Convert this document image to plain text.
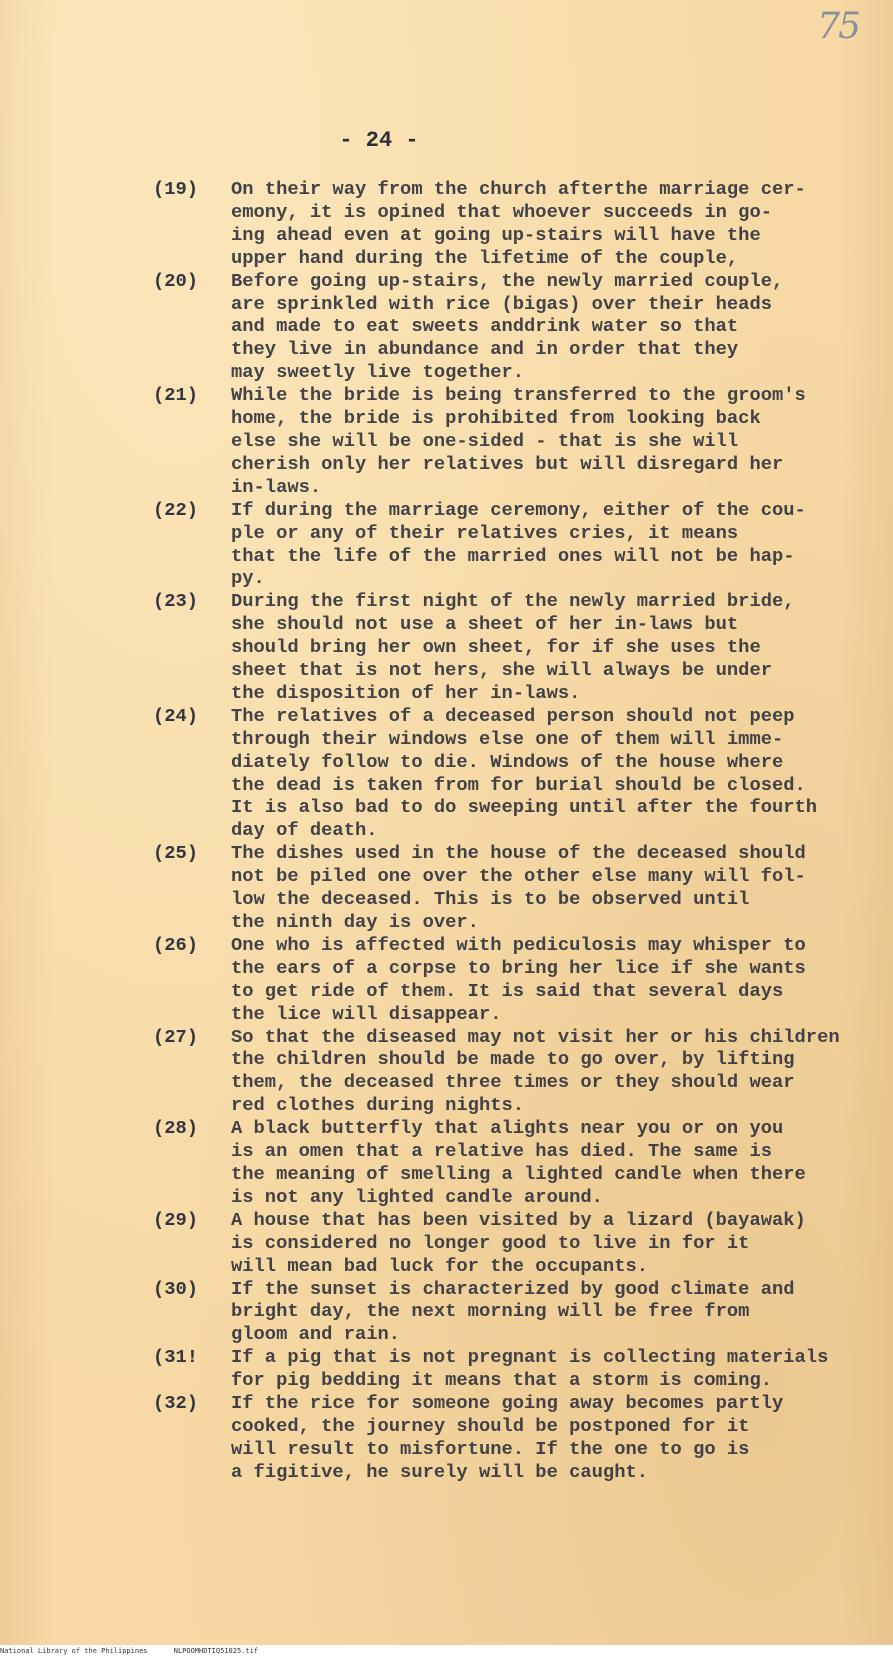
75
- 24 -
(19) On their way from the church afterthe marriage cer-
emony, it is opined that whoever succeeds in go-
ing ahead even at going up-stairs will have the
upper hand during the lifetime of the couple,
(20) Before going up-stairs, the newly married couple,
are sprinkled with rice (bigas) over their heads
and made to eat sweets anddrink water so that
they live in abundance and in order that they
may sweetly live together.
(21) While the bride is being transferred to the groom's
home, the bride is prohibited from looking back
else she will be one-sided - that is she will
cherish only her relatives but will disregard her
in-laws.
(22) If during the marriage ceremony, either of the cou-
ple or any of their relatives cries, it means
that the life of the married ones will not be hap-
py.
(23) During the first night of the newly married bride,
she should not use a sheet of her in-laws but
should bring her own sheet, for if she uses the
sheet that is not hers, she will always be under
the disposition of her in-laws.
(24) The relatives of a deceased person should not peep
through their windows else one of them will imme-
diately follow to die. Windows of the house where
the dead is taken from for burial should be closed.
It is also bad to do sweeping until after the fourth
day of death.
(25) The dishes used in the house of the deceased should
not be piled one over the other else many will fol-
low the deceased. This is to be observed until
the ninth day is over.
(26) One who is affected with pediculosis may whisper to
the ears of a corpse to bring her lice if she wants
to get ride of them. It is said that several days
the lice will disappear.
(27) So that the diseased may not visit her or his children
the children should be made to go over, by lifting
them, the deceased three times or they should wear
red clothes during nights.
(28) A black butterfly that alights near you or on you
is an omen that a relative has died. The same is
the meaning of smelling a lighted candle when there
is not any lighted candle around.
(29) A house that has been visited by a lizard (bayawak)
is considered no longer good to live in for it
will mean bad luck for the occupants.
(30) If the sunset is characterized by good climate and
bright day, the next morning will be free from
gloom and rain.
(31! If a pig that is not pregnant is collecting materials
for pig bedding it means that a storm is coming.
(32) If the rice for someone going away becomes partly
cooked, the journey should be postponed for it
will result to misfortune. If the one to go is
a figitive, he surely will be caught.
National Library of the Philippines	NLPOOMHDTIQ51025.tif
